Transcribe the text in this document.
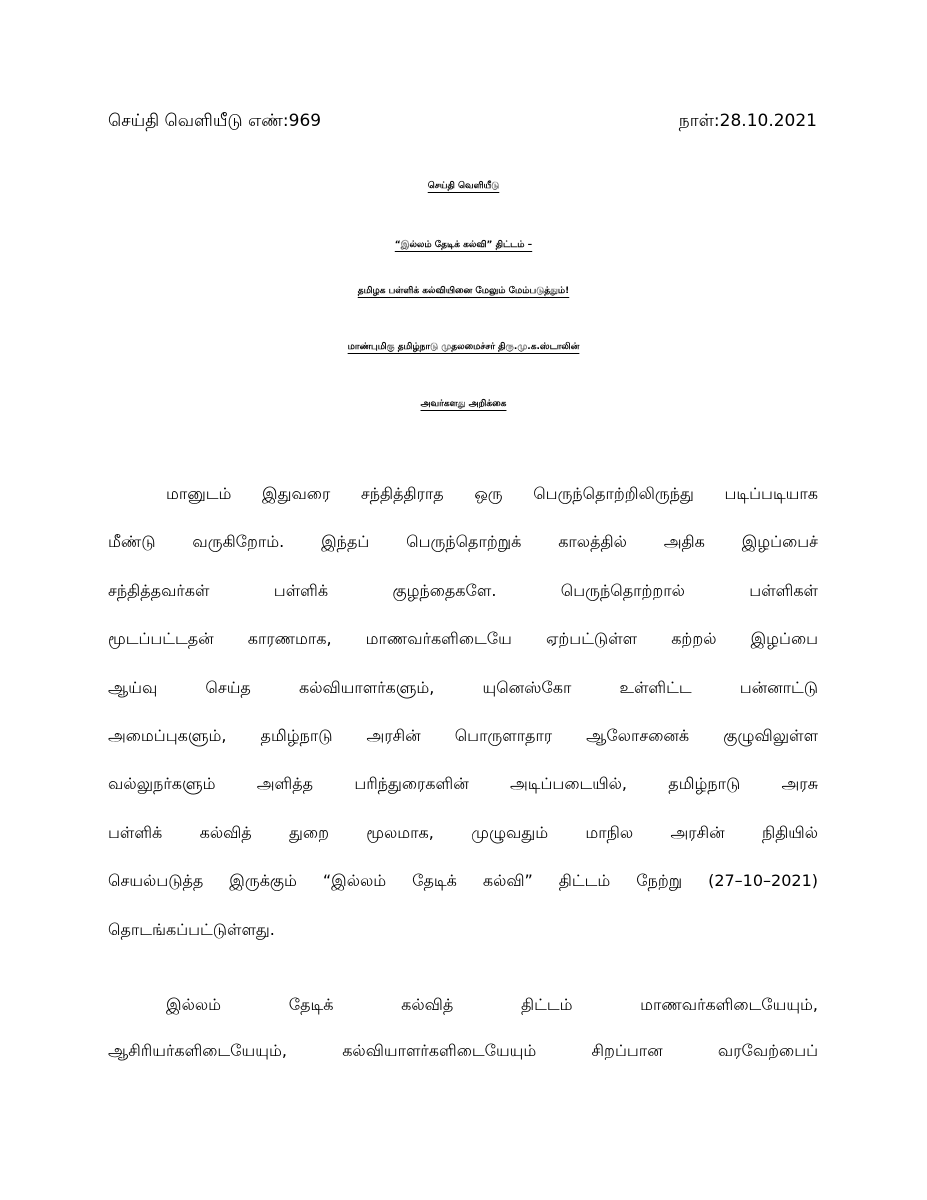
செய்தி வெளியீடு எண்:969	நாள்:28.10.2021
செய்தி வெளியீடு
“இல்லம் தேடிக் கல்வி” திட்டம் –
தமிழக பள்ளிக் கல்வியினை மேலும் மேம்படுத்தும்!
மாண்புமிகு தமிழ்நாடு முதலமைச்சர் திரு.மு.க.ஸ்டாலின்
அவர்களது அறிக்கை
மானுடம் இதுவரை சந்தித்திராத ஒரு பெருந்தொற்றிலிருந்து படிப்படியாக
மீண்டு வருகிறோம். இந்தப் பெருந்தொற்றுக் காலத்தில் அதிக இழப்பைச்
சந்தித்தவர்கள் பள்ளிக் குழந்தைகளே. பெருந்தொற்றால் பள்ளிகள்
மூடப்பட்டதன் காரணமாக, மாணவர்களிடையே ஏற்பட்டுள்ள கற்றல் இழப்பை
ஆய்வு செய்த கல்வியாளர்களும், யுனெஸ்கோ உள்ளிட்ட பன்னாட்டு
அமைப்புகளும், தமிழ்நாடு அரசின் பொருளாதார ஆலோசனைக் குழுவிலுள்ள
வல்லுநர்களும் அளித்த பரிந்துரைகளின் அடிப்படையில், தமிழ்நாடு அரசு
பள்ளிக் கல்வித் துறை மூலமாக, முழுவதும் மாநில அரசின் நிதியில்
செயல்படுத்த இருக்கும் “இல்லம் தேடிக் கல்வி” திட்டம் நேற்று (27–10–2021)
தொடங்கப்பட்டுள்ளது.
இல்லம் தேடிக் கல்வித் திட்டம் மாணவர்களிடையேயும்,
ஆசிரியர்களிடையேயும், கல்வியாளர்களிடையேயும் சிறப்பான வரவேற்பைப்
